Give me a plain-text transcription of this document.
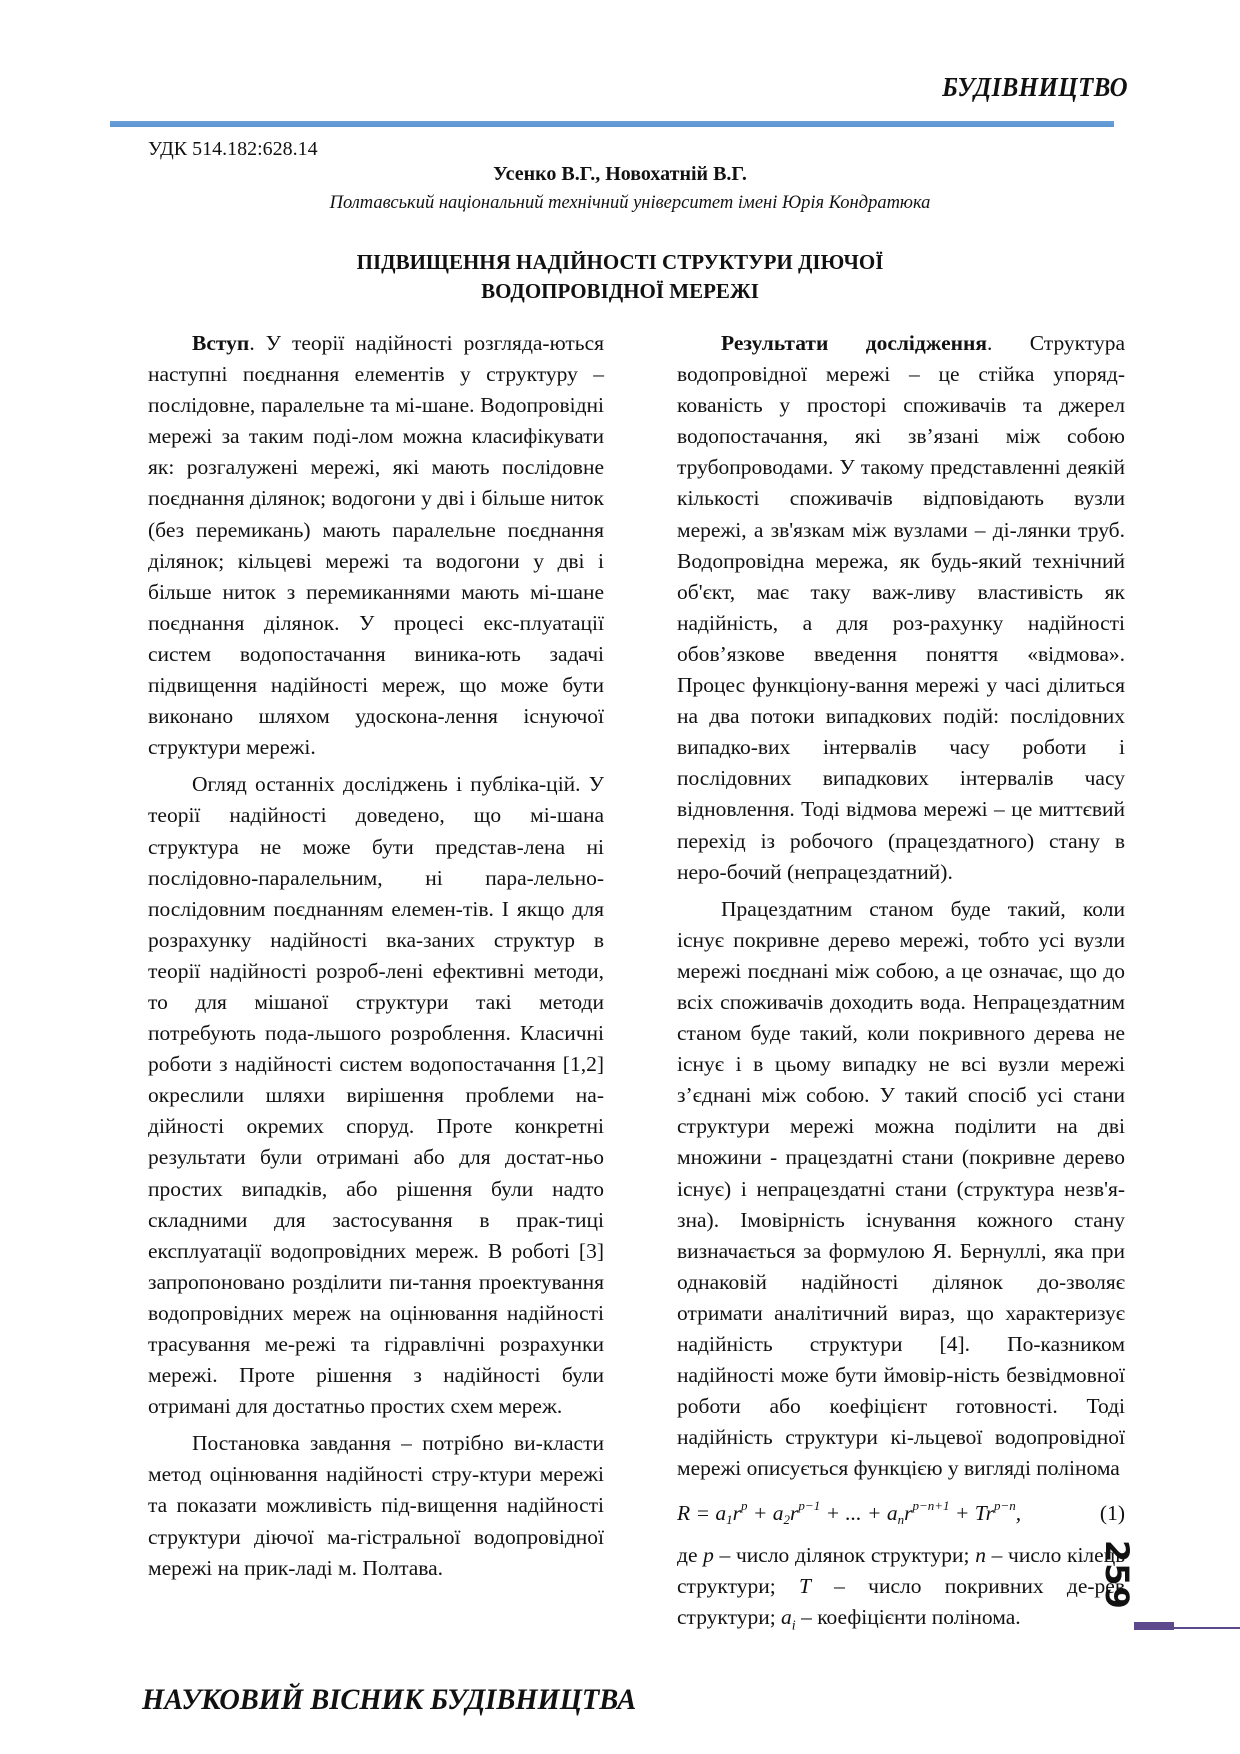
БУДІВНИЦТВО
УДК 514.182:628.14
Усенко В.Г., Новохатній В.Г.
Полтавський національний технічний університет імені Юрія Кондратюка
ПІДВИЩЕННЯ НАДІЙНОСТІ СТРУКТУРИ ДІЮЧОЇ
ВОДОПРОВІДНОЇ МЕРЕЖІ

Вступ. У теорії надійності розгляда-ються наступні поєднання елементів у структуру – послідовне, паралельне та мі-шане. Водопровідні мережі за таким поді-лом можна класифікувати як: розгалужені мережі, які мають послідовне поєднання ділянок; водогони у дві і більше ниток (без перемикань) мають паралельне поєднання ділянок; кільцеві мережі та водогони у дві і більше ниток з перемиканнями мають мі-шане поєднання ділянок. У процесі екс-плуатації систем водопостачання виника-ють задачі підвищення надійності мереж, що може бути виконано шляхом удоскона-лення існуючої структури мережі.

Огляд останніх досліджень і публіка-цій. У теорії надійності доведено, що мі-шана структура не може бути представ-лена ні послідовно-паралельним, ні пара-лельно-послідовним поєднанням елемен-тів. І якщо для розрахунку надійності вка-заних структур в теорії надійності розроб-лені ефективні методи, то для мішаної структури такі методи потребують пода-льшого розроблення. Класичні роботи з надійності систем водопостачання [1,2] окреслили шляхи вирішення проблеми на-дійності окремих споруд. Проте конкретні результати були отримані або для достат-ньо простих випадків, або рішення були надто складними для застосування в прак-тиці експлуатації водопровідних мереж. В роботі [3] запропоновано розділити пи-тання проектування водопровідних мереж на оцінювання надійності трасування ме-режі та гідравлічні розрахунки мережі. Проте рішення з надійності були отримані для достатньо простих схем мереж.

Постановка завдання – потрібно ви-класти метод оцінювання надійності стру-ктури мережі та показати можливість під-вищення надійності структури діючої ма-гістральної водопровідної мережі на прик-ладі м. Полтава.

Результати дослідження. Структура водопровідної мережі – це стійка упоряд-кованість у просторі споживачів та джерел водопостачання, які зв’язані між собою трубопроводами. У такому представленні деякій кількості споживачів відповідають вузли мережі, а зв'язкам між вузлами – ді-лянки труб. Водопровідна мережа, як будь-який технічний об'єкт, має таку важ-ливу властивість як надійність, а для роз-рахунку надійності обов’язкове введення поняття «відмова». Процес функціону-вання мережі у часі ділиться на два потоки випадкових подій: послідовних випадко-вих інтервалів часу роботи і послідовних випадкових інтервалів часу відновлення. Тоді відмова мережі – це миттєвий перехід із робочого (працездатного) стану в неро-бочий (непрацездатний).

Працездатним станом буде такий, коли існує покривне дерево мережі, тобто усі вузли мережі поєднані між собою, а це означає, що до всіх споживачів доходить вода. Непрацездатним станом буде такий, коли покривного дерева не існує і в цьому випадку не всі вузли мережі з’єднані між собою. У такий спосіб усі стани структури мережі можна поділити на дві множини - працездатні стани (покривне дерево існує) і непрацездатні стани (структура незв'я-зна). Імовірність існування кожного стану визначається за формулою Я. Бернуллі, яка при однаковій надійності ділянок до-зволяє отримати аналітичний вираз, що характеризує надійність структури [4]. По-казником надійності може бути ймовір-ність безвідмовної роботи або коефіцієнт готовності. Тоді надійність структури кі-льцевої водопровідної мережі описується функцією у вигляді полінома

$R = a_1r^p + a_2r^{p-1}$ + ... + $a_nr^{p-n+1} + Tr^{p-n}$,	(1)

де p – число ділянок структури; n – число кілець структури; T – число покривних де-рев структури; $a_i$ – коефіцієнти полінома.

259
НАУКОВИЙ ВІСНИК БУДІВНИЦТВА
